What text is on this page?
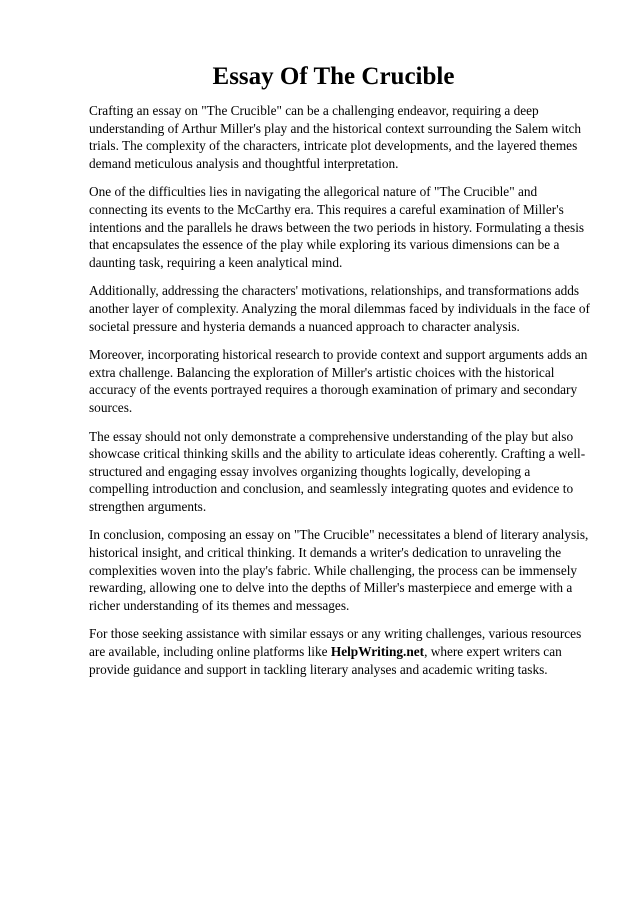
Essay Of The Crucible

Crafting an essay on "The Crucible" can be a challenging endeavor, requiring a deep understanding of Arthur Miller's play and the historical context surrounding the Salem witch trials. The complexity of the characters, intricate plot developments, and the layered themes demand meticulous analysis and thoughtful interpretation.

One of the difficulties lies in navigating the allegorical nature of "The Crucible" and connecting its events to the McCarthy era. This requires a careful examination of Miller's intentions and the parallels he draws between the two periods in history. Formulating a thesis that encapsulates the essence of the play while exploring its various dimensions can be a daunting task, requiring a keen analytical mind.

Additionally, addressing the characters' motivations, relationships, and transformations adds another layer of complexity. Analyzing the moral dilemmas faced by individuals in the face of societal pressure and hysteria demands a nuanced approach to character analysis.

Moreover, incorporating historical research to provide context and support arguments adds an extra challenge. Balancing the exploration of Miller's artistic choices with the historical accuracy of the events portrayed requires a thorough examination of primary and secondary sources.

The essay should not only demonstrate a comprehensive understanding of the play but also showcase critical thinking skills and the ability to articulate ideas coherently. Crafting a well-structured and engaging essay involves organizing thoughts logically, developing a compelling introduction and conclusion, and seamlessly integrating quotes and evidence to strengthen arguments.

In conclusion, composing an essay on "The Crucible" necessitates a blend of literary analysis, historical insight, and critical thinking. It demands a writer's dedication to unraveling the complexities woven into the play's fabric. While challenging, the process can be immensely rewarding, allowing one to delve into the depths of Miller's masterpiece and emerge with a richer understanding of its themes and messages.

For those seeking assistance with similar essays or any writing challenges, various resources are available, including online platforms like HelpWriting.net, where expert writers can provide guidance and support in tackling literary analyses and academic writing tasks.
